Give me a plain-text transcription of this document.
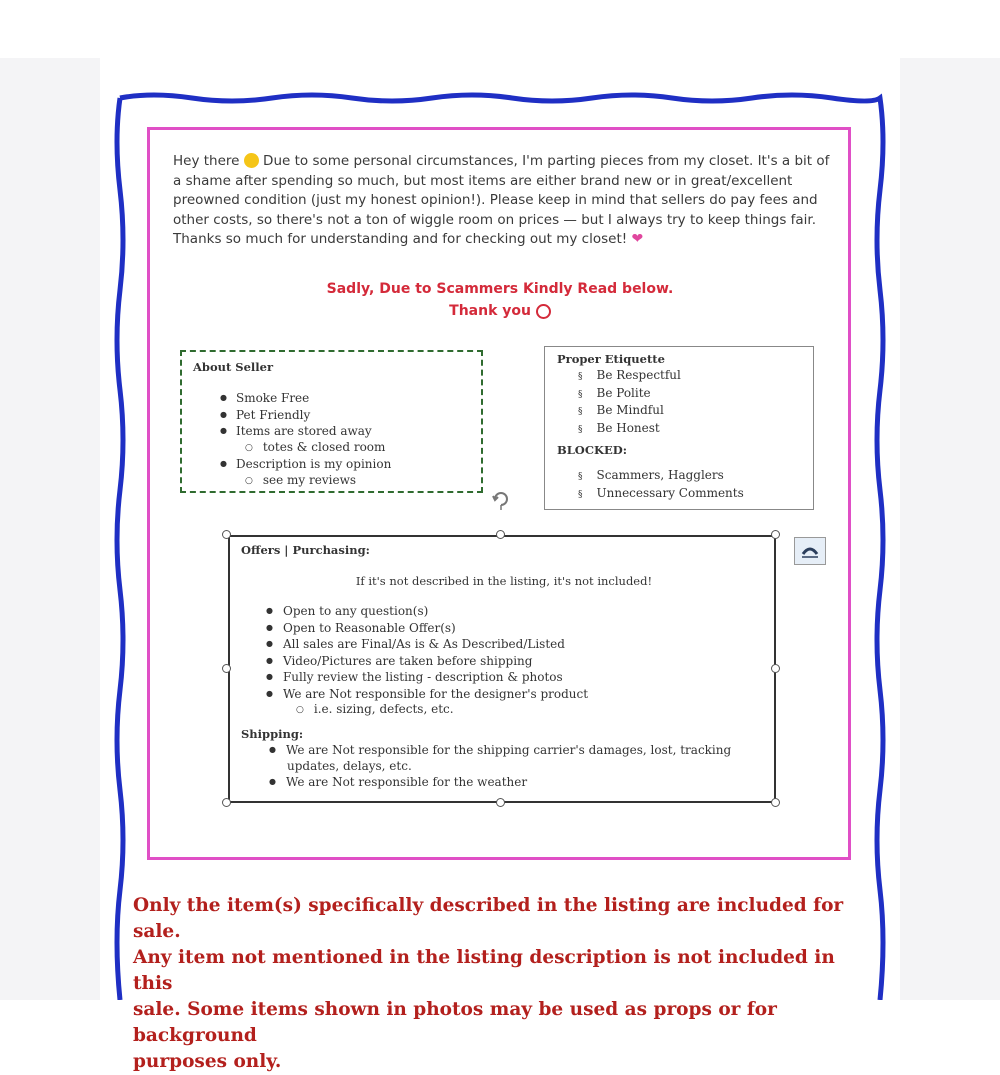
Hey there Due to some personal circumstances, I'm parting pieces from my closet. It's a bit of a shame after spending so much, but most items are either brand new or in great/excellent preowned condition (just my honest opinion!). Please keep in mind that sellers do pay fees and other costs, so there's not a ton of wiggle room on prices — but I always try to keep things fair. Thanks so much for understanding and for checking out my closet! ❤
Sadly, Due to Scammers Kindly Read below.
Thank you
About Seller
● Smoke Free
● Pet Friendly
● Items are stored away
○ totes & closed room
● Description is my opinion
○ see my reviews
Proper Etiquette
§ Be Respectful
§ Be Polite
§ Be Mindful
§ Be Honest
BLOCKED:
§ Scammers, Hagglers
§ Unnecessary Comments
Offers | Purchasing:
If it's not described in the listing, it's not included!
● Open to any question(s)
● Open to Reasonable Offer(s)
● All sales are Final/As is & As Described/Listed
● Video/Pictures are taken before shipping
● Fully review the listing - description & photos
● We are Not responsible for the designer's product
○ i.e. sizing, defects, etc.
Shipping:
● We are Not responsible for the shipping carrier's damages, lost, tracking updates, delays, etc.
● We are Not responsible for the weather
Only the item(s) specifically described in the listing are included for sale.
Any item not mentioned in the listing description is not included in this
sale. Some items shown in photos may be used as props or for background
purposes only.
